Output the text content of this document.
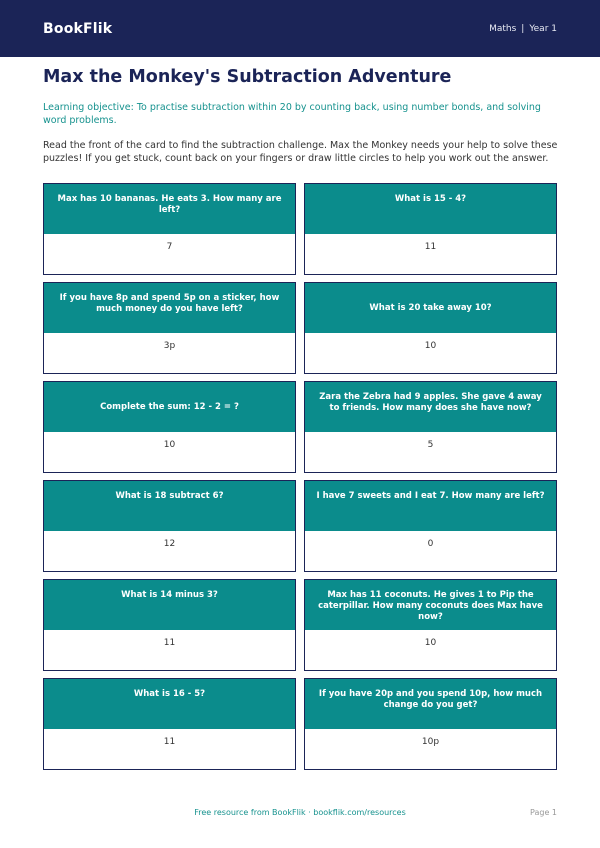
BookFlik	Maths | Year 1
Max the Monkey's Subtraction Adventure

Learning objective: To practise subtraction within 20 by counting back, using number bonds, and solving word problems.

Read the front of the card to find the subtraction challenge. Max the Monkey needs your help to solve these puzzles! If you get stuck, count back on your fingers or draw little circles to help you work out the answer.

Max has 10 bananas. He eats 3. How many are left?
7
What is 15 - 4?
11
If you have 8p and spend 5p on a sticker, how much money do you have left?
3p
What is 20 take away 10?
10
Complete the sum: 12 - 2 = ?
10
Zara the Zebra had 9 apples. She gave 4 away to friends. How many does she have now?
5
What is 18 subtract 6?
12
I have 7 sweets and I eat 7. How many are left?
0
What is 14 minus 3?
11
Max has 11 coconuts. He gives 1 to Pip the caterpillar. How many coconuts does Max have now?
10
What is 16 - 5?
11
If you have 20p and you spend 10p, how much change do you get?
10p
Free resource from BookFlik · bookflik.com/resources	Page 1
